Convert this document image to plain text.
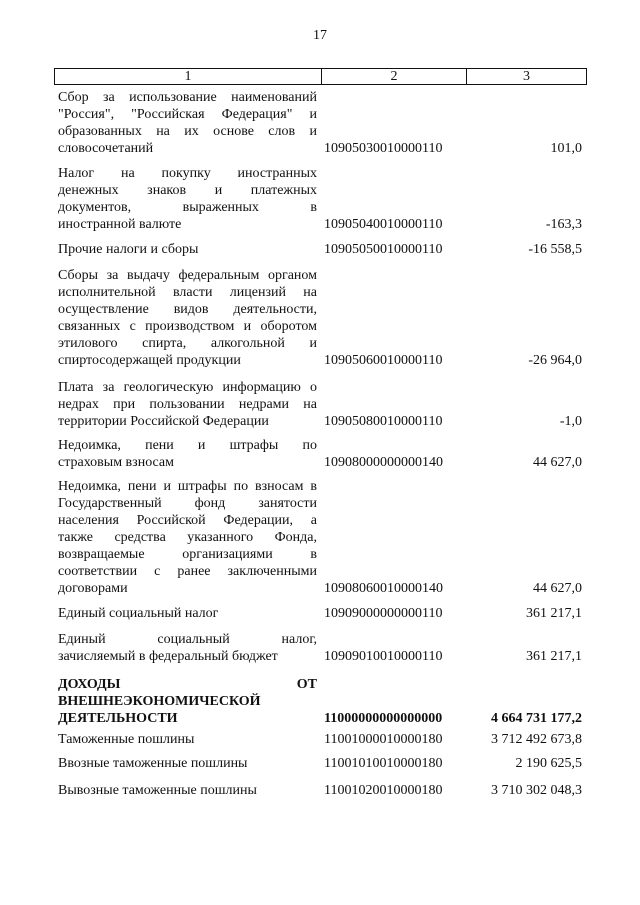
17
1	2	3
Сбор за использование наименований
"Россия", "Российская Федерация" и
образованных на их основе слов и
словосочетаний	10905030010000110	101,0
Налог на покупку иностранных
денежных знаков и платежных
документов, выраженных в
иностранной валюте	10905040010000110	-163,3
Прочие налоги и сборы	10905050010000110	-16 558,5
Сборы за выдачу федеральным органом
исполнительной власти лицензий на
осуществление видов деятельности,
связанных с производством и оборотом
этилового спирта, алкогольной и
спиртосодержащей продукции	10905060010000110	-26 964,0
Плата за геологическую информацию о
недрах при пользовании недрами на
территории Российской Федерации	10905080010000110	-1,0
Недоимка, пени и штрафы по
страховым взносам	10908000000000140	44 627,0
Недоимка, пени и штрафы по взносам в
Государственный фонд занятости
населения Российской Федерации, а
также средства указанного Фонда,
возвращаемые организациями в
соответствии с ранее заключенными
договорами	10908060010000140	44 627,0
Единый социальный налог	10909000000000110	361 217,1
Единый социальный налог,
зачисляемый в федеральный бюджет	10909010010000110	361 217,1
ДОХОДЫ ОТ
ВНЕШНЕЭКОНОМИЧЕСКОЙ
ДЕЯТЕЛЬНОСТИ	11000000000000000	4 664 731 177,2
Таможенные пошлины	11001000010000180	3 712 492 673,8
Ввозные таможенные пошлины	11001010010000180	2 190 625,5
Вывозные таможенные пошлины	11001020010000180	3 710 302 048,3
